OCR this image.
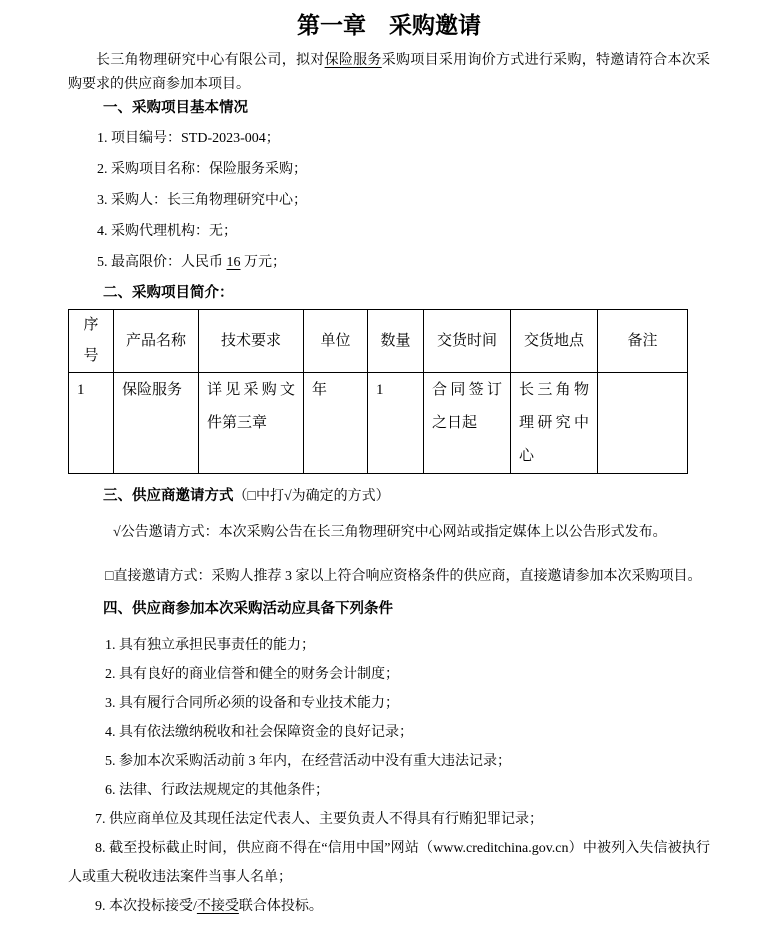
第一章　采购邀请

长三角物理研究中心有限公司，拟对保险服务采购项目采用询价方式进行采购，特邀请符合本次采购要求的供应商参加本项目。

一、采购项目基本情况

1. 项目编号：STD-2023-004；

2. 采购项目名称：保险服务采购；

3. 采购人：长三角物理研究中心；

4. 采购代理机构：无；

5. 最高限价：人民币 16 万元；

二、采购项目简介：

序号	产品名称	技术要求	单位	数量	交货时间	交货地点	备注
1	保险服务	详见采购文件第三章	年	1	合同签订之日起	长三角物理研究中心	

三、供应商邀请方式（□中打√为确定的方式）

√公告邀请方式：本次采购公告在长三角物理研究中心网站或指定媒体上以公告形式发布。

□直接邀请方式：采购人推荐 3 家以上符合响应资格条件的供应商，直接邀请参加本次采购项目。

四、供应商参加本次采购活动应具备下列条件

1. 具有独立承担民事责任的能力；

2. 具有良好的商业信誉和健全的财务会计制度；

3. 具有履行合同所必须的设备和专业技术能力；

4. 具有依法缴纳税收和社会保障资金的良好记录；

5. 参加本次采购活动前 3 年内，在经营活动中没有重大违法记录；

6. 法律、行政法规规定的其他条件；

7. 供应商单位及其现任法定代表人、主要负责人不得具有行贿犯罪记录；

8. 截至投标截止时间，供应商不得在“信用中国”网站（www.creditchina.gov.cn）中被列入失信被执行人或重大税收违法案件当事人名单；

9. 本次投标接受/不接受联合体投标。
